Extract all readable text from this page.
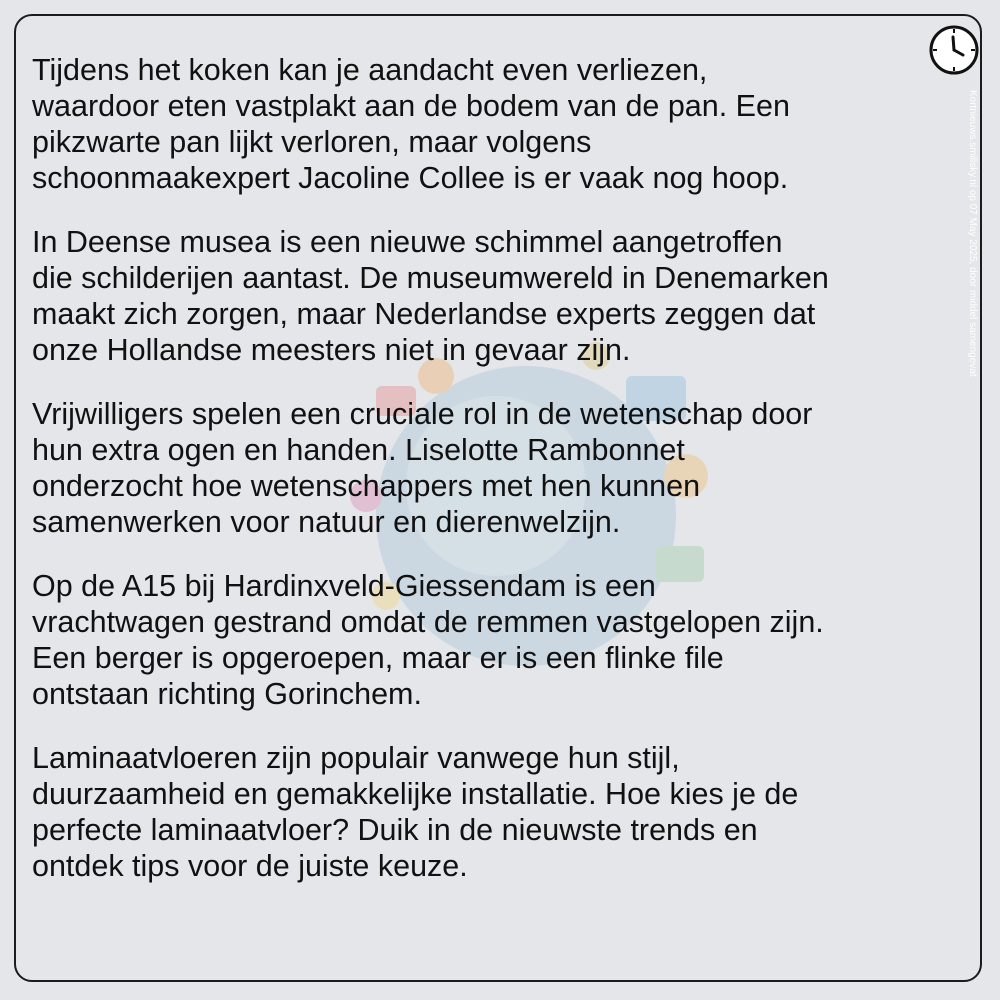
Tijdens het koken kan je aandacht even verliezen,
waardoor eten vastplakt aan de bodem van de pan. Een
pikzwarte pan lijkt verloren, maar volgens
schoonmaakexpert Jacoline Collee is er vaak nog hoop.

In Deense musea is een nieuwe schimmel aangetroffen
die schilderijen aantast. De museumwereld in Denemarken
maakt zich zorgen, maar Nederlandse experts zeggen dat
onze Hollandse meesters niet in gevaar zijn.

Vrijwilligers spelen een cruciale rol in de wetenschap door
hun extra ogen en handen. Liselotte Rambonnet
onderzocht hoe wetenschappers met hen kunnen
samenwerken voor natuur en dierenwelzijn.

Op de A15 bij Hardinxveld-Giessendam is een
vrachtwagen gestrand omdat de remmen vastgelopen zijn.
Een berger is opgeroepen, maar er is een flinke file
ontstaan richting Gorinchem.

Laminaatvloeren zijn populair vanwege hun stijl,
duurzaamheid en gemakkelijke installatie. Hoe kies je de
perfecte laminaatvloer? Duik in de nieuwste trends en
ontdek tips voor de juiste keuze.

Kortnieuws.smillsky.nl op 07 May 2025, door middel samengevat
